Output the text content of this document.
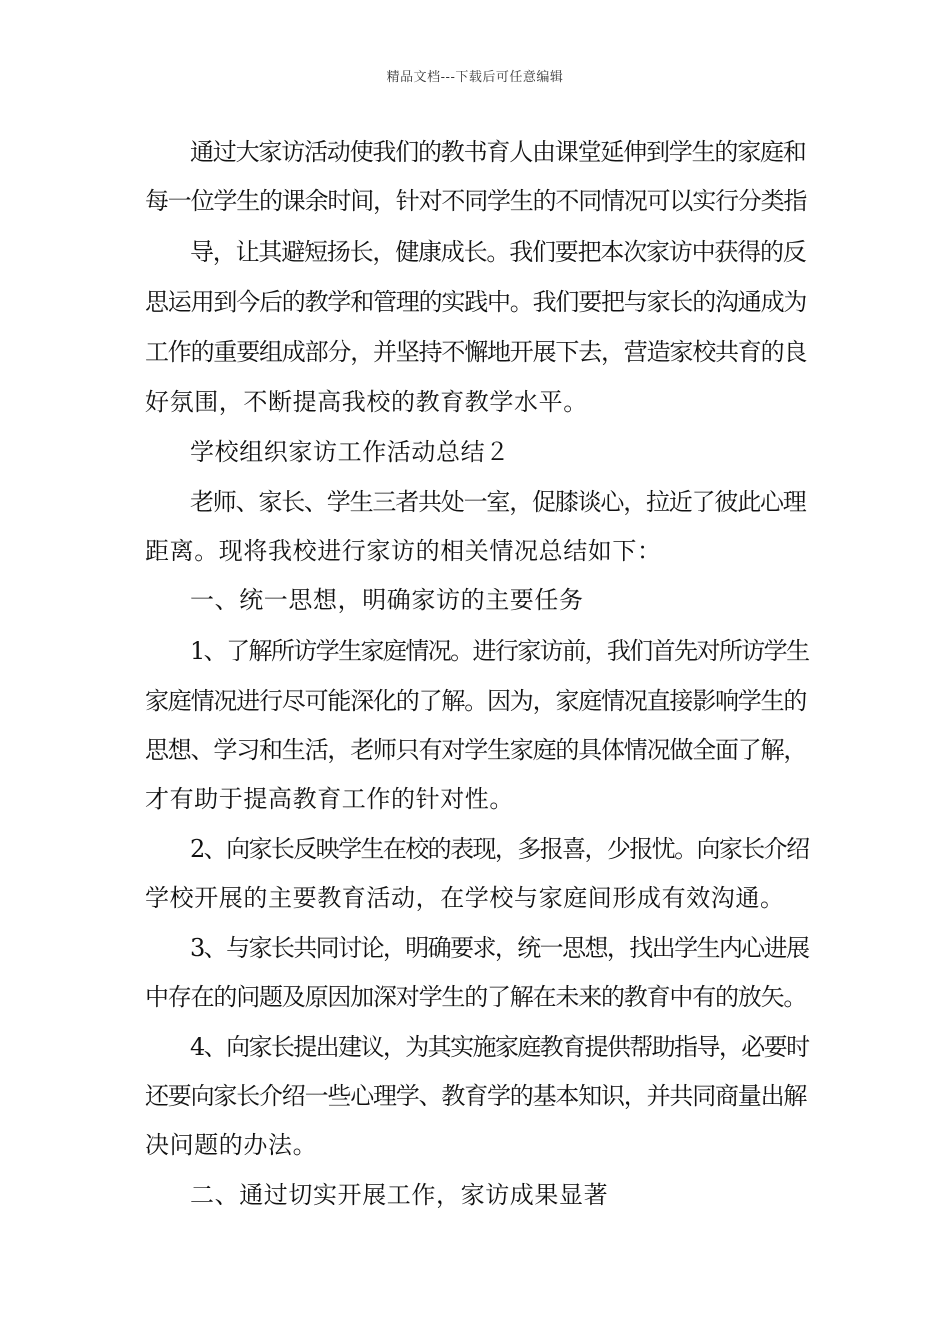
精品文档---下载后可任意编辑
通过大家访活动使我们的教书育人由课堂延伸到学生的家庭和
每一位学生的课余时间，针对不同学生的不同情况可以实行分类指
导，让其避短扬长，健康成长。我们要把本次家访中获得的反
思运用到今后的教学和管理的实践中。我们要把与家长的沟通成为
工作的重要组成部分，并坚持不懈地开展下去，营造家校共育的良
好氛围，不断提高我校的教育教学水平。
学校组织家访工作活动总结２
老师、家长、学生三者共处一室，促膝谈心，拉近了彼此心理
距离。现将我校进行家访的相关情况总结如下：
一、统一思想，明确家访的主要任务
1、了解所访学生家庭情况。进行家访前，我们首先对所访学生
家庭情况进行尽可能深化的了解。因为，家庭情况直接影响学生的
思想、学习和生活，老师只有对学生家庭的具体情况做全面了解，
才有助于提高教育工作的针对性。
2、向家长反映学生在校的表现，多报喜，少报忧。向家长介绍
学校开展的主要教育活动，在学校与家庭间形成有效沟通。
3、与家长共同讨论，明确要求，统一思想，找出学生内心进展
中存在的问题及原因加深对学生的了解在未来的教育中有的放矢。
4、向家长提出建议，为其实施家庭教育提供帮助指导，必要时
还要向家长介绍一些心理学、教育学的基本知识，并共同商量出解
决问题的办法。
二、通过切实开展工作，家访成果显著
